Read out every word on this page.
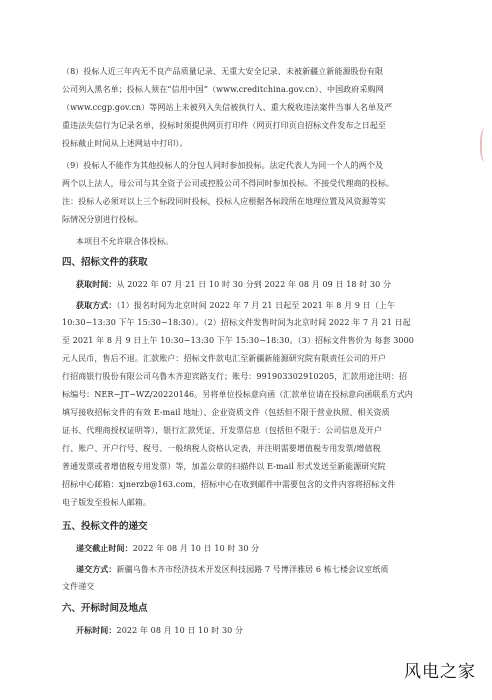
（8）投标人近三年内无不良产品质量记录、无重大安全记录、未被新疆立新能源股份有限

公司列入黑名单；投标人须在“信用中国”（www.creditchina.gov.cn）、中国政府采购网

（www.ccgp.gov.cn）等网站上未被列入失信被执行人、重大税收违法案件当事人名单及严

重违法失信行为记录名单，投标时须提供网页打印件（网页打印页自招标文件发布之日起至

投标截止时间从上述网站中打印）。

（9）投标人不能作为其他投标人的分包人同时参加投标。法定代表人为同一个人的两个及

两个以上法人，母公司与其全资子公司或控股公司不得同时参加投标。不接受代理商的投标。

注：投标人必须对以上三个标段同时投标，投标人应根据各标段所在地理位置及风资源等实

际情况分别进行投标。

本项目不允许联合体投标。

四、招标文件的获取

获取时间：从 2022 年 07 月 21 日 10 时 30 分到 2022 年 08 月 09 日 18 时 30 分

获取方式：（1）报名时间为北京时间 2022 年 7 月 21 日起至 2021 年 8 月 9 日（上午

10:30−13:30 下午 15:30−18:30）。（2）招标文件发售时间为北京时间 2022 年 7 月 21 日起

至 2021 年 8 月 9 日上午 10:30−13:30 下午 15:30−18:30。（3）招标文件售价为 每套 3000

元人民币，售后不退。汇款账户：招标文件款电汇至新疆新能源研究院有限责任公司的开户

行招商银行股份有限公司乌鲁木齐迎宾路支行；账号：991903302910205，汇款用途注明：招

标编号：NER−JT−WZ/20220146。另将单位投标意向函（汇款单位请在投标意向函联系方式内

填写接收招标文件的有效 E-mail 地址）、企业资质文件（包括但不限于营业执照、相关资质

证书、代理商授权证明等），银行汇款凭证、开发票信息（包括但不限于：公司信息及开户

行、账户、开户行号、税号、一般纳税人资格认定表，并注明需要增值税专用发票/增值税

普通发票或者增值税专用发票）等，加盖公章的扫描件以 E-mail 形式发送至新能源研究院

招标中心邮箱：xjnerzb@163.com，招标中心在收到邮件中需要包含的文件内容将招标文件

电子版发至投标人邮箱。

五、投标文件的递交

递交截止时间：2022 年 08 月 10 日 10 时 30 分

递交方式：新疆乌鲁木齐市经济技术开发区科技园路 7 号博洋雅居 6 栋七楼会议室纸质

文件递交

六、开标时间及地点

开标时间：2022 年 08 月 10 日 10 时 30 分

风电之家
